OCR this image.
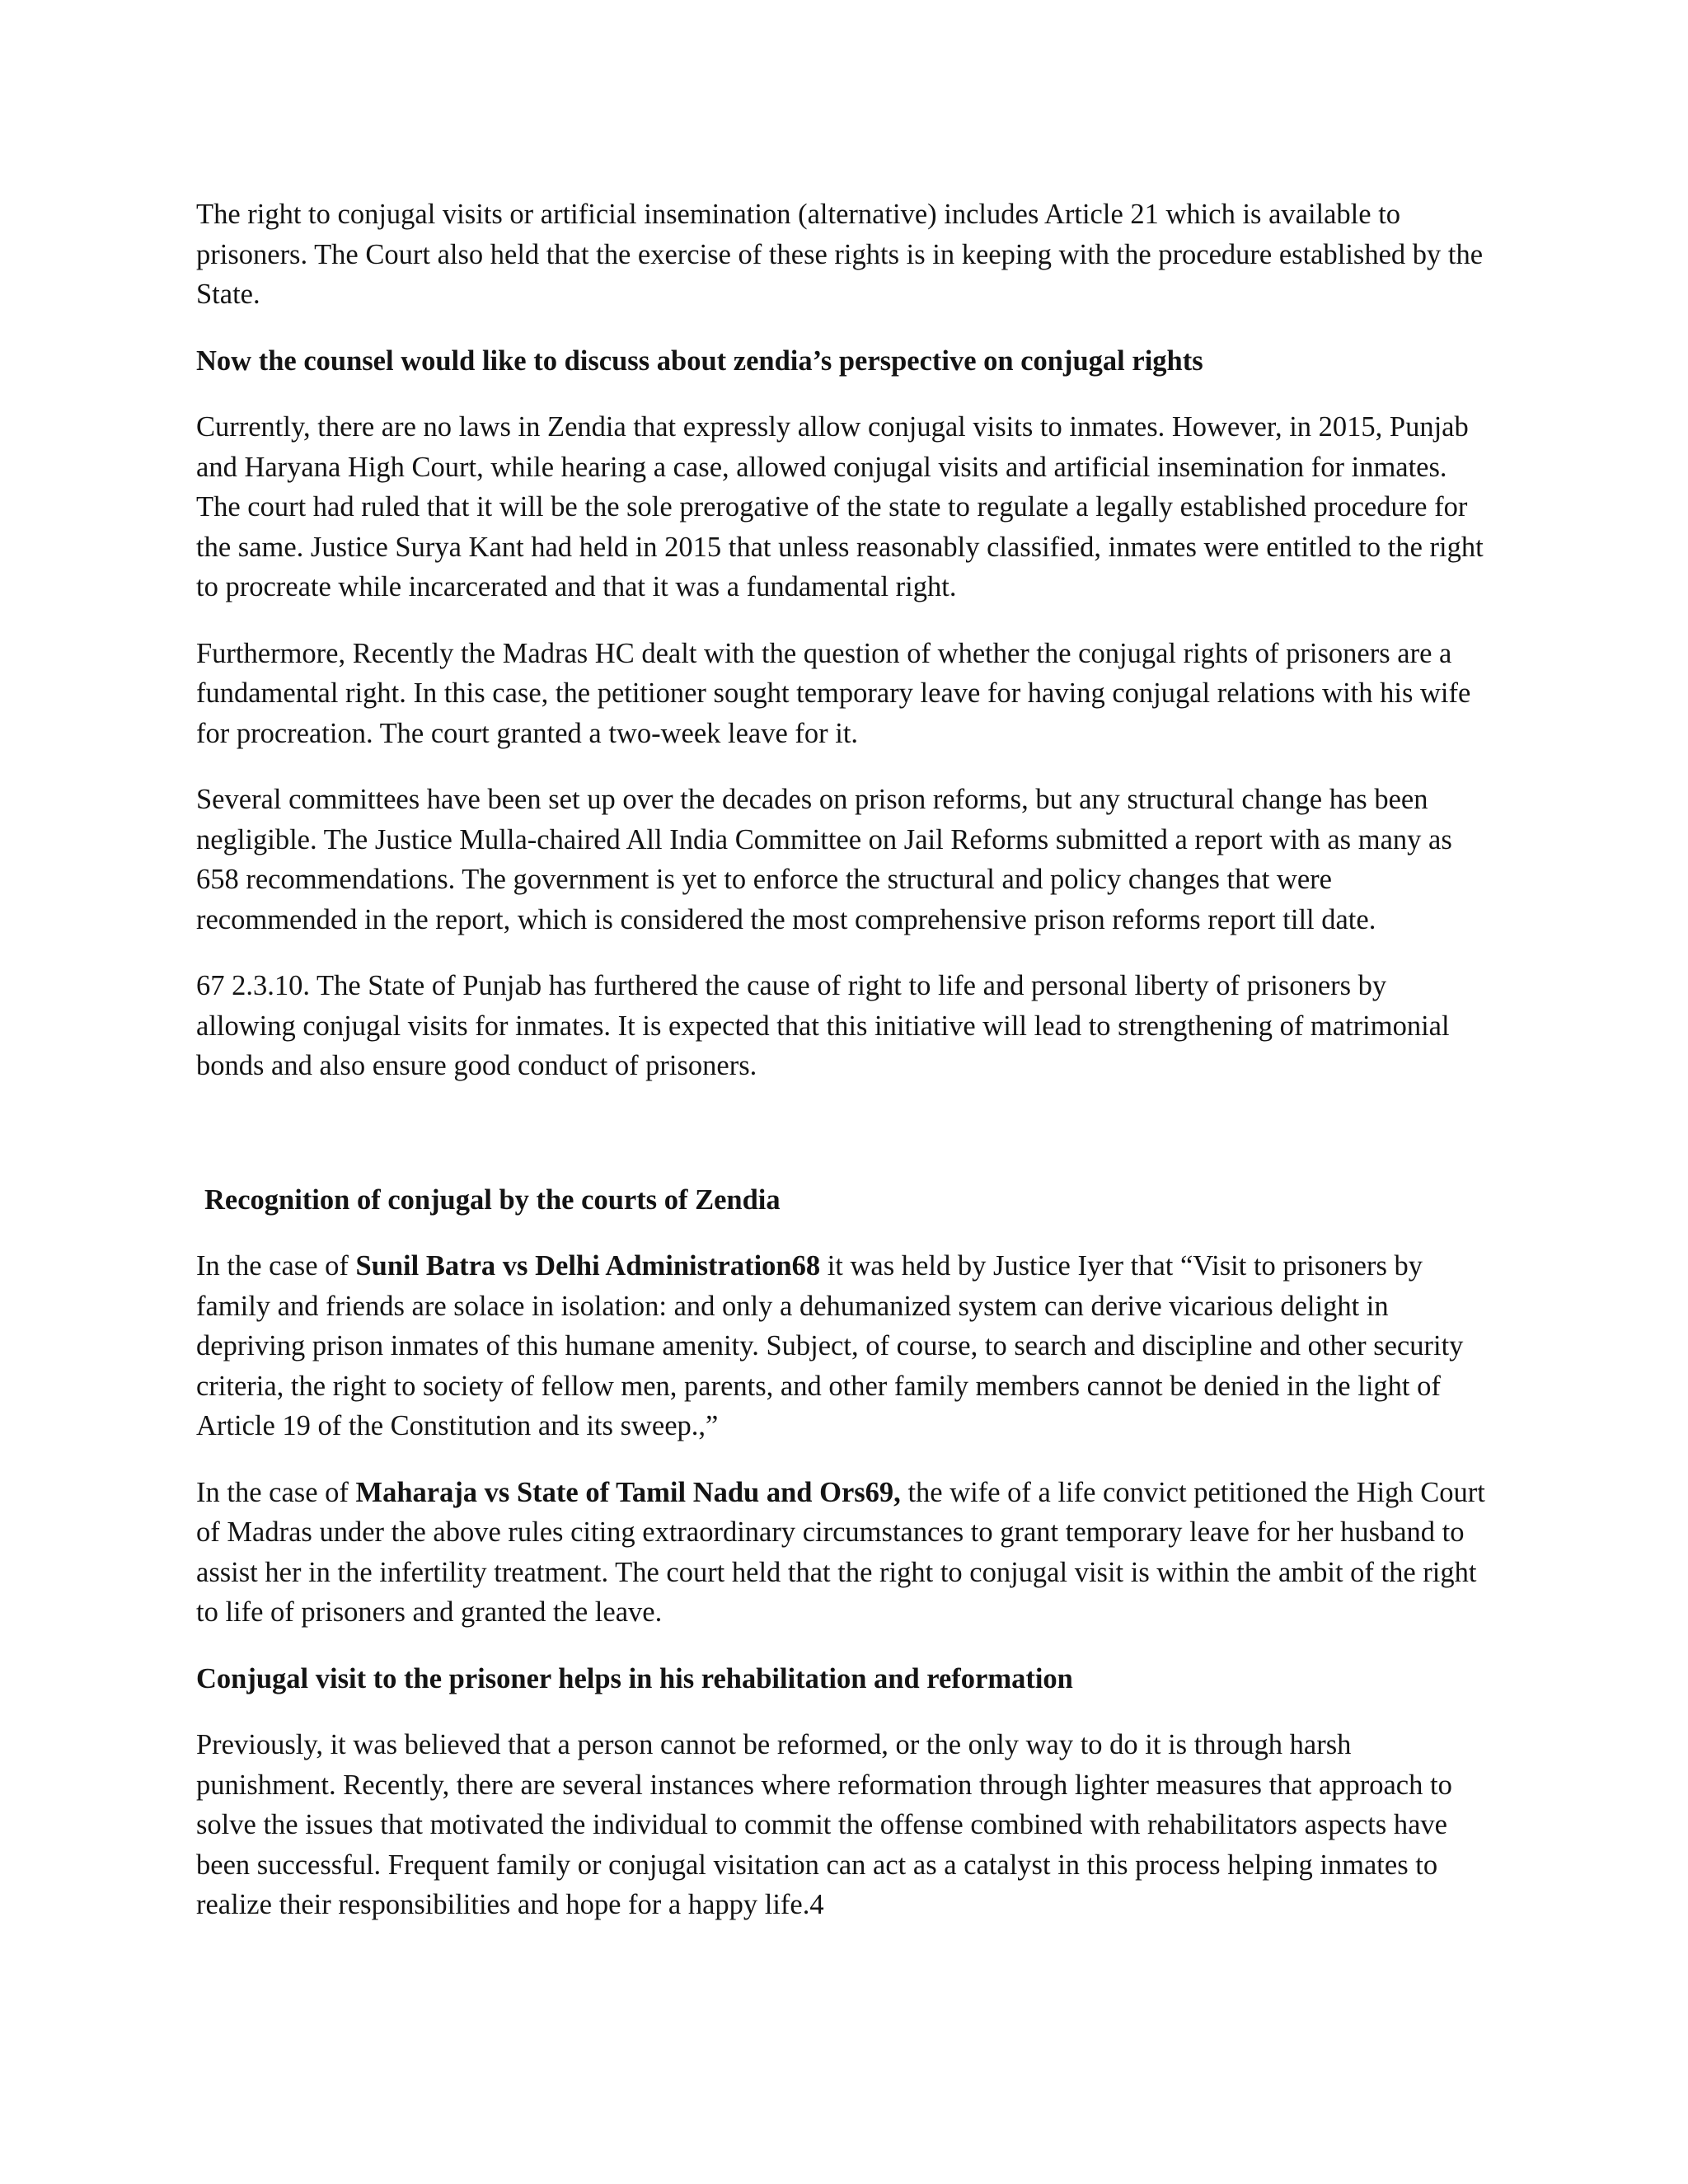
The right to conjugal visits or artificial insemination (alternative) includes Article 21 which is available to prisoners. The Court also held that the exercise of these rights is in keeping with the procedure established by the State.

Now the counsel would like to discuss about zendia’s perspective on conjugal rights

Currently, there are no laws in Zendia that expressly allow conjugal visits to inmates. However, in 2015, Punjab and Haryana High Court, while hearing a case, allowed conjugal visits and artificial insemination for inmates. The court had ruled that it will be the sole prerogative of the state to regulate a legally established procedure for the same. Justice Surya Kant had held in 2015 that unless reasonably classified, inmates were entitled to the right to procreate while incarcerated and that it was a fundamental right.

Furthermore, Recently the Madras HC dealt with the question of whether the conjugal rights of prisoners are a fundamental right. In this case, the petitioner sought temporary leave for having conjugal relations with his wife for procreation. The court granted a two-week leave for it.

Several committees have been set up over the decades on prison reforms, but any structural change has been negligible. The Justice Mulla-chaired All India Committee on Jail Reforms submitted a report with as many as 658 recommendations. The government is yet to enforce the structural and policy changes that were recommended in the report, which is considered the most comprehensive prison reforms report till date.

67 2.3.10. The State of Punjab has furthered the cause of right to life and personal liberty of prisoners by allowing conjugal visits for inmates. It is expected that this initiative will lead to strengthening of matrimonial bonds and also ensure good conduct of prisoners.

Recognition of conjugal by the courts of Zendia

In the case of Sunil Batra vs Delhi Administration68 it was held by Justice Iyer that “Visit to prisoners by family and friends are solace in isolation: and only a dehumanized system can derive vicarious delight in depriving prison inmates of this humane amenity. Subject, of course, to search and discipline and other security criteria, the right to society of fellow men, parents, and other family members cannot be denied in the light of Article 19 of the Constitution and its sweep.,”

In the case of Maharaja vs State of Tamil Nadu and Ors69, the wife of a life convict petitioned the High Court of Madras under the above rules citing extraordinary circumstances to grant temporary leave for her husband to assist her in the infertility treatment. The court held that the right to conjugal visit is within the ambit of the right to life of prisoners and granted the leave.

Conjugal visit to the prisoner helps in his rehabilitation and reformation

Previously, it was believed that a person cannot be reformed, or the only way to do it is through harsh punishment. Recently, there are several instances where reformation through lighter measures that approach to solve the issues that motivated the individual to commit the offense combined with rehabilitators aspects have been successful. Frequent family or conjugal visitation can act as a catalyst in this process helping inmates to realize their responsibilities and hope for a happy life.4
